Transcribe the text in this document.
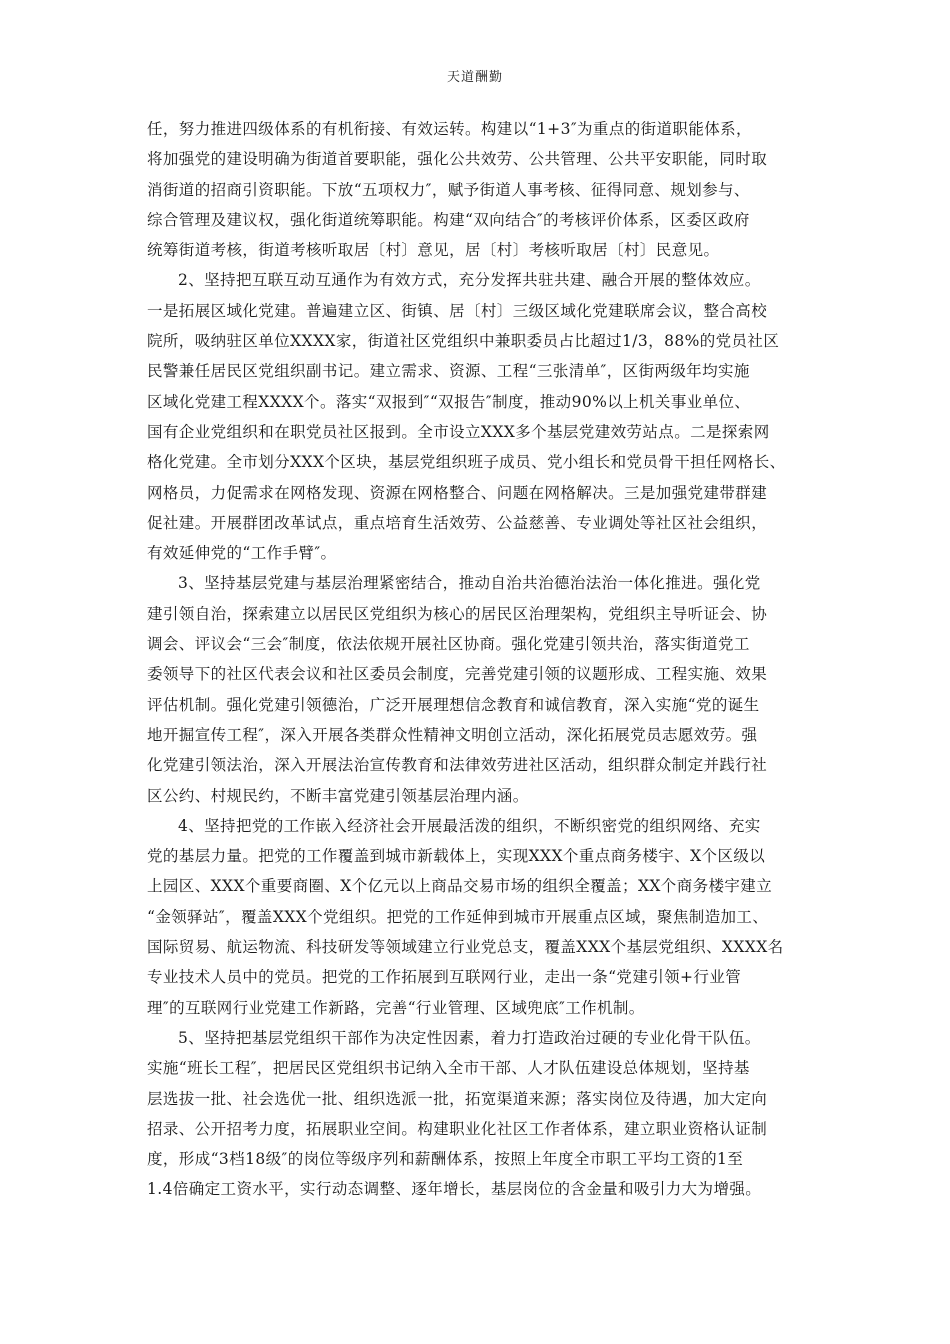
天道酬勤
任，努力推进四级体系的有机衔接、有效运转。构建以“1+3″为重点的街道职能体系，
将加强党的建设明确为街道首要职能，强化公共效劳、公共管理、公共平安职能，同时取
消街道的招商引资职能。下放“五项权力″，赋予街道人事考核、征得同意、规划参与、
综合管理及建议权，强化街道统筹职能。构建“双向结合″的考核评价体系，区委区政府
统筹街道考核，街道考核听取居〔村〕意见，居〔村〕考核听取居〔村〕民意见。
2、坚持把互联互动互通作为有效方式，充分发挥共驻共建、融合开展的整体效应。
一是拓展区域化党建。普遍建立区、街镇、居〔村〕三级区域化党建联席会议，整合高校
院所，吸纳驻区单位XXXX家，街道社区党组织中兼职委员占比超过1/3，88%的党员社区
民警兼任居民区党组织副书记。建立需求、资源、工程“三张清单″，区街两级年均实施
区域化党建工程XXXX个。落实“双报到″“双报告″制度，推动90%以上机关事业单位、
国有企业党组织和在职党员社区报到。全市设立XXX多个基层党建效劳站点。二是探索网
格化党建。全市划分XXX个区块，基层党组织班子成员、党小组长和党员骨干担任网格长、
网格员，力促需求在网格发现、资源在网格整合、问题在网格解决。三是加强党建带群建
促社建。开展群团改革试点，重点培育生活效劳、公益慈善、专业调处等社区社会组织，
有效延伸党的“工作手臂″。
3、坚持基层党建与基层治理紧密结合，推动自治共治德治法治一体化推进。强化党
建引领自治，探索建立以居民区党组织为核心的居民区治理架构，党组织主导听证会、协
调会、评议会“三会″制度，依法依规开展社区协商。强化党建引领共治，落实街道党工
委领导下的社区代表会议和社区委员会制度，完善党建引领的议题形成、工程实施、效果
评估机制。强化党建引领德治，广泛开展理想信念教育和诚信教育，深入实施“党的诞生
地开掘宣传工程″，深入开展各类群众性精神文明创立活动，深化拓展党员志愿效劳。强
化党建引领法治，深入开展法治宣传教育和法律效劳进社区活动，组织群众制定并践行社
区公约、村规民约，不断丰富党建引领基层治理内涵。
4、坚持把党的工作嵌入经济社会开展最活泼的组织，不断织密党的组织网络、充实
党的基层力量。把党的工作覆盖到城市新载体上，实现XXX个重点商务楼宇、X个区级以
上园区、XXX个重要商圈、X个亿元以上商品交易市场的组织全覆盖；XX个商务楼宇建立
“金领驿站″，覆盖XXX个党组织。把党的工作延伸到城市开展重点区域，聚焦制造加工、
国际贸易、航运物流、科技研发等领域建立行业党总支，覆盖XXX个基层党组织、XXXX名
专业技术人员中的党员。把党的工作拓展到互联网行业，走出一条“党建引领+行业管
理″的互联网行业党建工作新路，完善“行业管理、区域兜底″工作机制。
5、坚持把基层党组织干部作为决定性因素，着力打造政治过硬的专业化骨干队伍。
实施“班长工程″，把居民区党组织书记纳入全市干部、人才队伍建设总体规划，坚持基
层选拔一批、社会选优一批、组织选派一批，拓宽渠道来源；落实岗位及待遇，加大定向
招录、公开招考力度，拓展职业空间。构建职业化社区工作者体系，建立职业资格认证制
度，形成“3档18级″的岗位等级序列和薪酬体系，按照上年度全市职工平均工资的1至
1.4倍确定工资水平，实行动态调整、逐年增长，基层岗位的含金量和吸引力大为增强。
